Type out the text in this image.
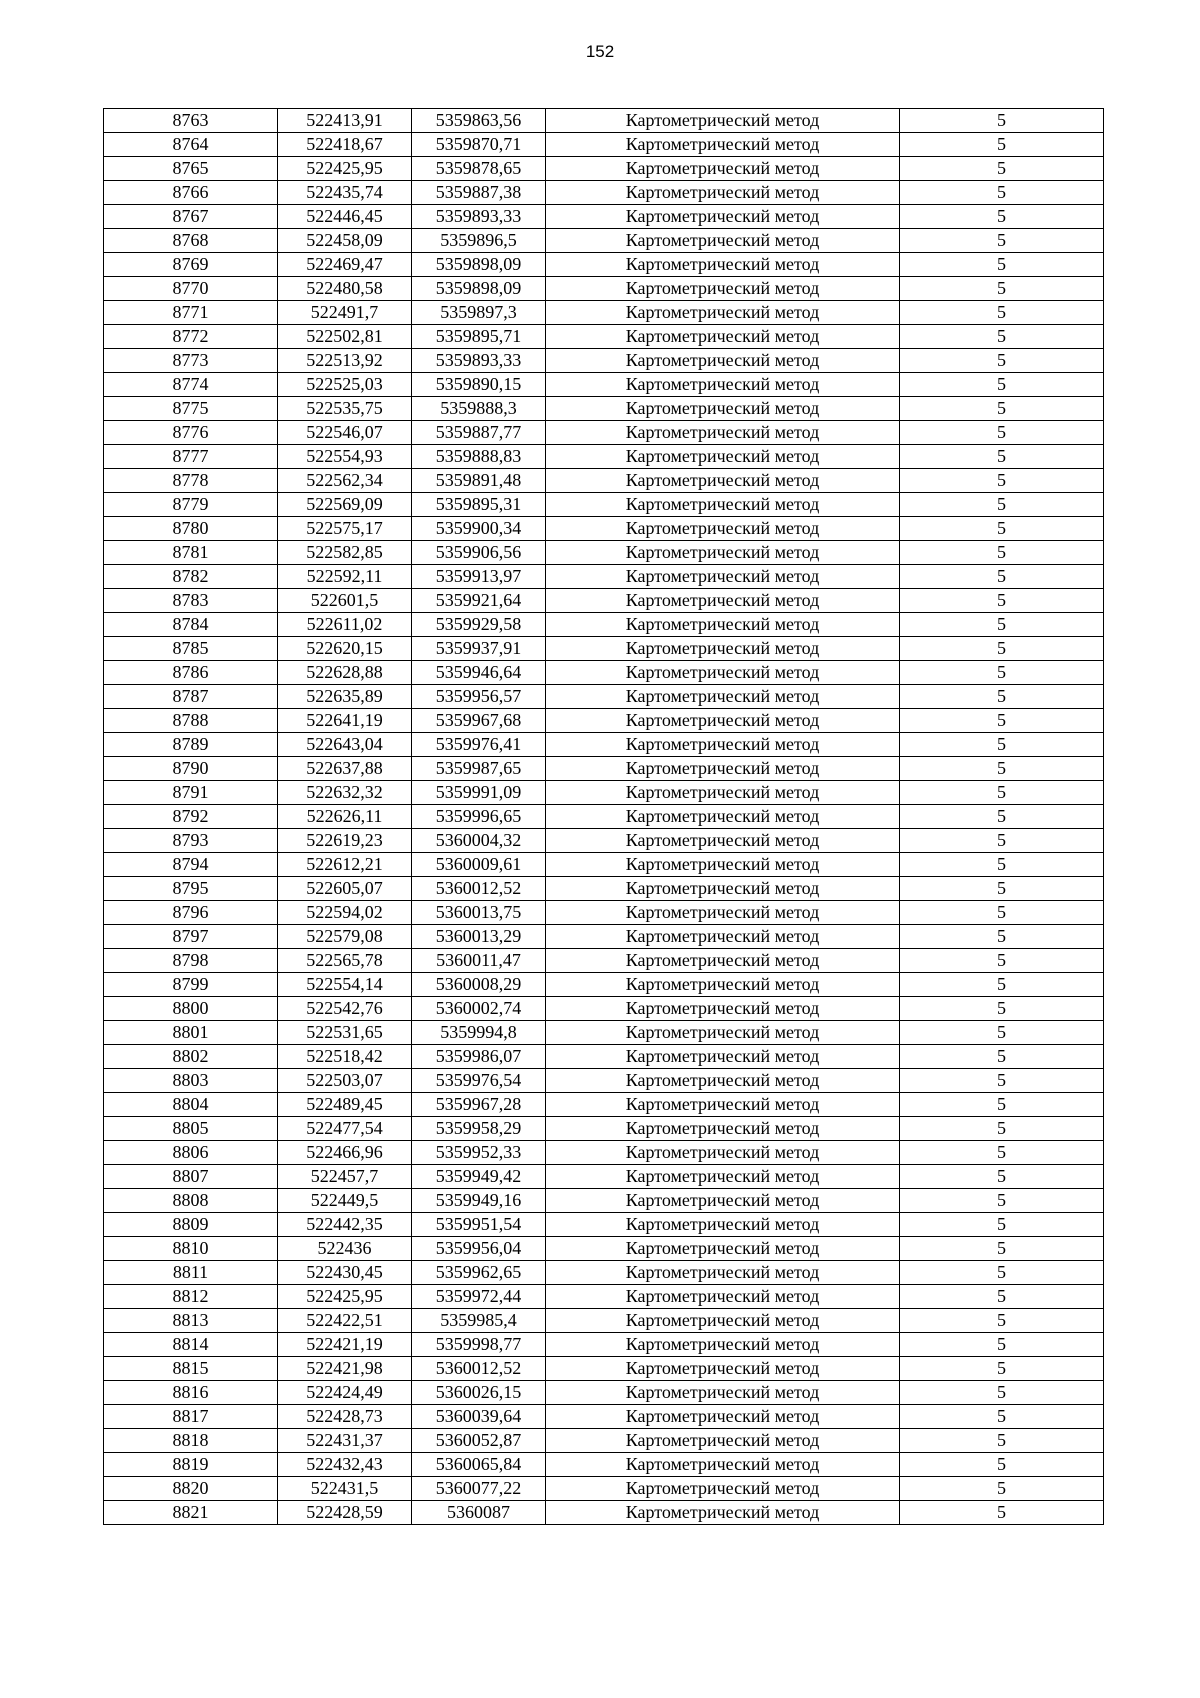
152
8763	522413,91	5359863,56	Картометрический метод	5
8764	522418,67	5359870,71	Картометрический метод	5
8765	522425,95	5359878,65	Картометрический метод	5
8766	522435,74	5359887,38	Картометрический метод	5
8767	522446,45	5359893,33	Картометрический метод	5
8768	522458,09	5359896,5	Картометрический метод	5
8769	522469,47	5359898,09	Картометрический метод	5
8770	522480,58	5359898,09	Картометрический метод	5
8771	522491,7	5359897,3	Картометрический метод	5
8772	522502,81	5359895,71	Картометрический метод	5
8773	522513,92	5359893,33	Картометрический метод	5
8774	522525,03	5359890,15	Картометрический метод	5
8775	522535,75	5359888,3	Картометрический метод	5
8776	522546,07	5359887,77	Картометрический метод	5
8777	522554,93	5359888,83	Картометрический метод	5
8778	522562,34	5359891,48	Картометрический метод	5
8779	522569,09	5359895,31	Картометрический метод	5
8780	522575,17	5359900,34	Картометрический метод	5
8781	522582,85	5359906,56	Картометрический метод	5
8782	522592,11	5359913,97	Картометрический метод	5
8783	522601,5	5359921,64	Картометрический метод	5
8784	522611,02	5359929,58	Картометрический метод	5
8785	522620,15	5359937,91	Картометрический метод	5
8786	522628,88	5359946,64	Картометрический метод	5
8787	522635,89	5359956,57	Картометрический метод	5
8788	522641,19	5359967,68	Картометрический метод	5
8789	522643,04	5359976,41	Картометрический метод	5
8790	522637,88	5359987,65	Картометрический метод	5
8791	522632,32	5359991,09	Картометрический метод	5
8792	522626,11	5359996,65	Картометрический метод	5
8793	522619,23	5360004,32	Картометрический метод	5
8794	522612,21	5360009,61	Картометрический метод	5
8795	522605,07	5360012,52	Картометрический метод	5
8796	522594,02	5360013,75	Картометрический метод	5
8797	522579,08	5360013,29	Картометрический метод	5
8798	522565,78	5360011,47	Картометрический метод	5
8799	522554,14	5360008,29	Картометрический метод	5
8800	522542,76	5360002,74	Картометрический метод	5
8801	522531,65	5359994,8	Картометрический метод	5
8802	522518,42	5359986,07	Картометрический метод	5
8803	522503,07	5359976,54	Картометрический метод	5
8804	522489,45	5359967,28	Картометрический метод	5
8805	522477,54	5359958,29	Картометрический метод	5
8806	522466,96	5359952,33	Картометрический метод	5
8807	522457,7	5359949,42	Картометрический метод	5
8808	522449,5	5359949,16	Картометрический метод	5
8809	522442,35	5359951,54	Картометрический метод	5
8810	522436	5359956,04	Картометрический метод	5
8811	522430,45	5359962,65	Картометрический метод	5
8812	522425,95	5359972,44	Картометрический метод	5
8813	522422,51	5359985,4	Картометрический метод	5
8814	522421,19	5359998,77	Картометрический метод	5
8815	522421,98	5360012,52	Картометрический метод	5
8816	522424,49	5360026,15	Картометрический метод	5
8817	522428,73	5360039,64	Картометрический метод	5
8818	522431,37	5360052,87	Картометрический метод	5
8819	522432,43	5360065,84	Картометрический метод	5
8820	522431,5	5360077,22	Картометрический метод	5
8821	522428,59	5360087	Картометрический метод	5
